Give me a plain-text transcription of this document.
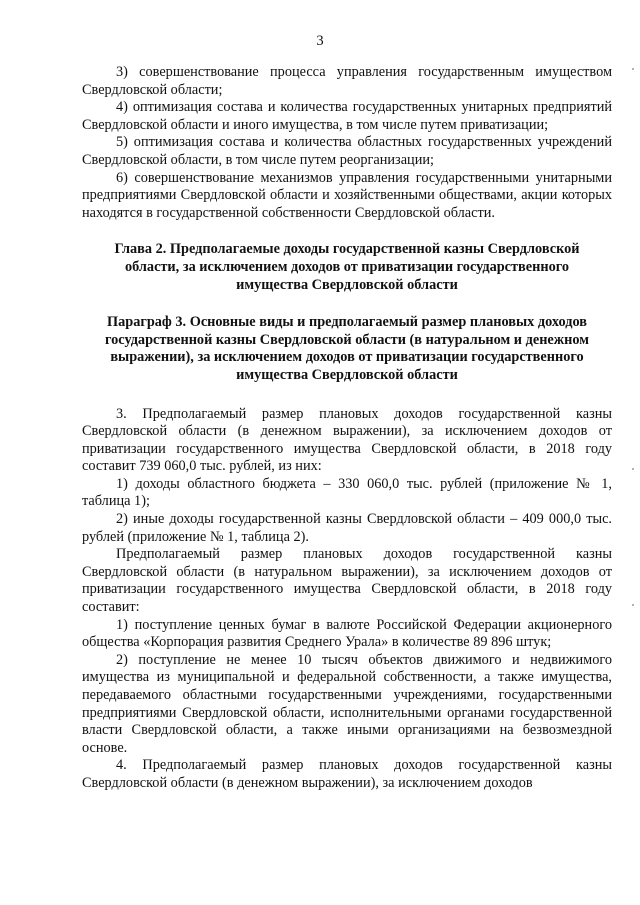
3

3) совершенствование процесса управления государственным имуществом Свердловской области;

4) оптимизация состава и количества государственных унитарных предприятий Свердловской области и иного имущества, в том числе путем приватизации;

5) оптимизация состава и количества областных государственных учреждений Свердловской области, в том числе путем реорганизации;

6) совершенствование механизмов управления государственными унитарными предприятиями Свердловской области и хозяйственными обществами, акции которых находятся в государственной собственности Свердловской области.

Глава 2. Предполагаемые доходы государственной казны Свердловской области, за исключением доходов от приватизации государственного имущества Свердловской области

Параграф 3. Основные виды и предполагаемый размер плановых доходов государственной казны Свердловской области (в натуральном и денежном выражении), за исключением доходов от приватизации государственного имущества Свердловской области

3. Предполагаемый размер плановых доходов государственной казны Свердловской области (в денежном выражении), за исключением доходов от приватизации государственного имущества Свердловской области, в 2018 году составит 739 060,0 тыс. рублей, из них:

1) доходы областного бюджета – 330 060,0 тыс. рублей (приложение № 1, таблица 1);

2) иные доходы государственной казны Свердловской области – 409 000,0 тыс. рублей (приложение № 1, таблица 2).

Предполагаемый размер плановых доходов государственной казны Свердловской области (в натуральном выражении), за исключением доходов от приватизации государственного имущества Свердловской области, в 2018 году составит:

1) поступление ценных бумаг в валюте Российской Федерации акционерного общества «Корпорация развития Среднего Урала» в количестве 89 896 штук;

2) поступление не менее 10 тысяч объектов движимого и недвижимого имущества из муниципальной и федеральной собственности, а также имущества, передаваемого областными государственными учреждениями, государственными предприятиями Свердловской области, исполнительными органами государственной власти Свердловской области, а также иными организациями на безвозмездной основе.

4. Предполагаемый размер плановых доходов государственной казны Свердловской области (в денежном выражении), за исключением доходов
